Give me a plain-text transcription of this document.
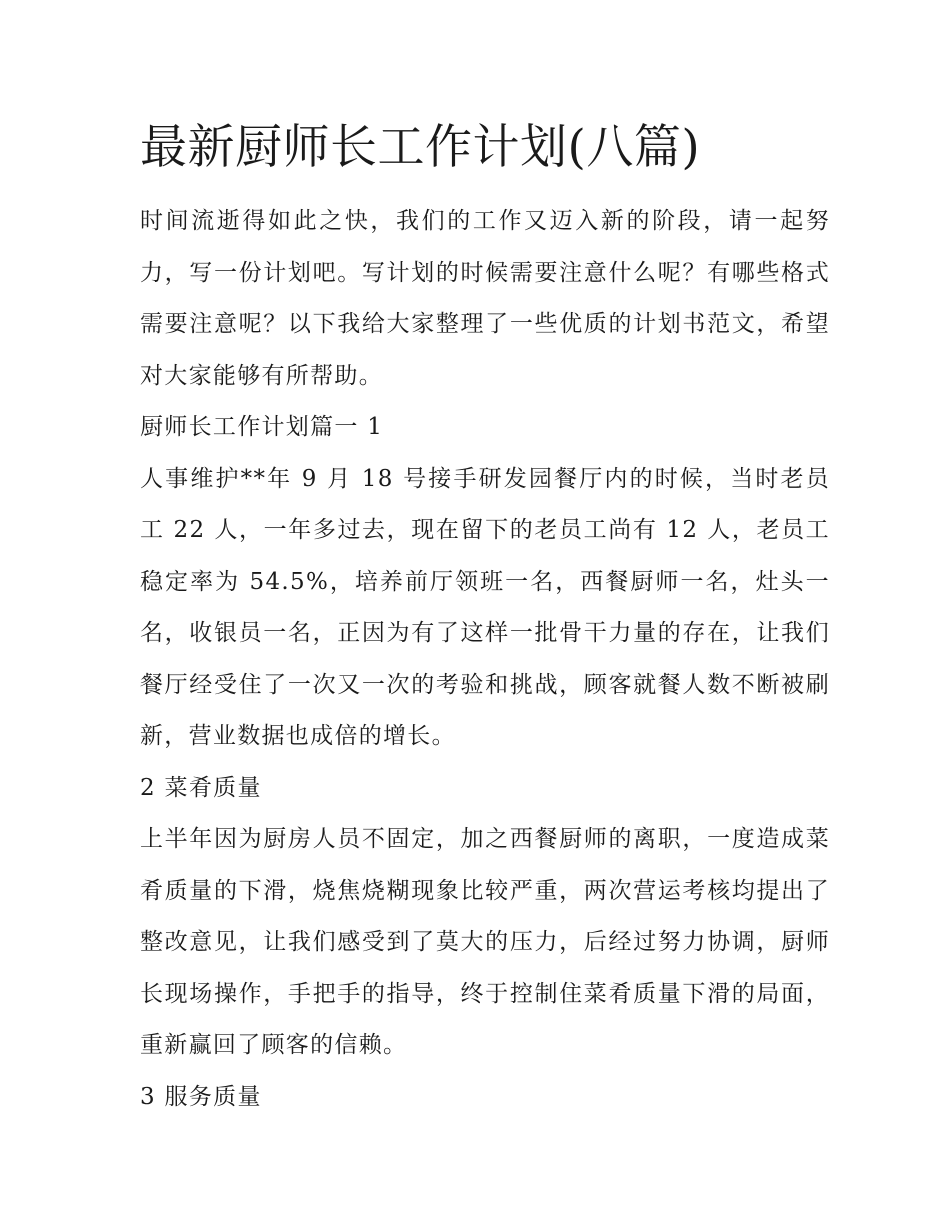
最新厨师长工作计划(八篇)

时间流逝得如此之快，我们的工作又迈入新的阶段，请一起努力，写一份计划吧。写计划的时候需要注意什么呢？有哪些格式需要注意呢？以下我给大家整理了一些优质的计划书范文，希望对大家能够有所帮助。

厨师长工作计划篇一 1

人事维护**年 9 月 18 号接手研发园餐厅内的时候，当时老员工 22 人，一年多过去，现在留下的老员工尚有 12 人，老员工稳定率为 54.5%，培养前厅领班一名，西餐厨师一名，灶头一名，收银员一名，正因为有了这样一批骨干力量的存在，让我们餐厅经受住了一次又一次的考验和挑战，顾客就餐人数不断被刷新，营业数据也成倍的增长。

2 菜肴质量

上半年因为厨房人员不固定，加之西餐厨师的离职，一度造成菜肴质量的下滑，烧焦烧糊现象比较严重，两次营运考核均提出了整改意见，让我们感受到了莫大的压力，后经过努力协调，厨师长现场操作，手把手的指导，终于控制住菜肴质量下滑的局面，重新赢回了顾客的信赖。

3 服务质量
